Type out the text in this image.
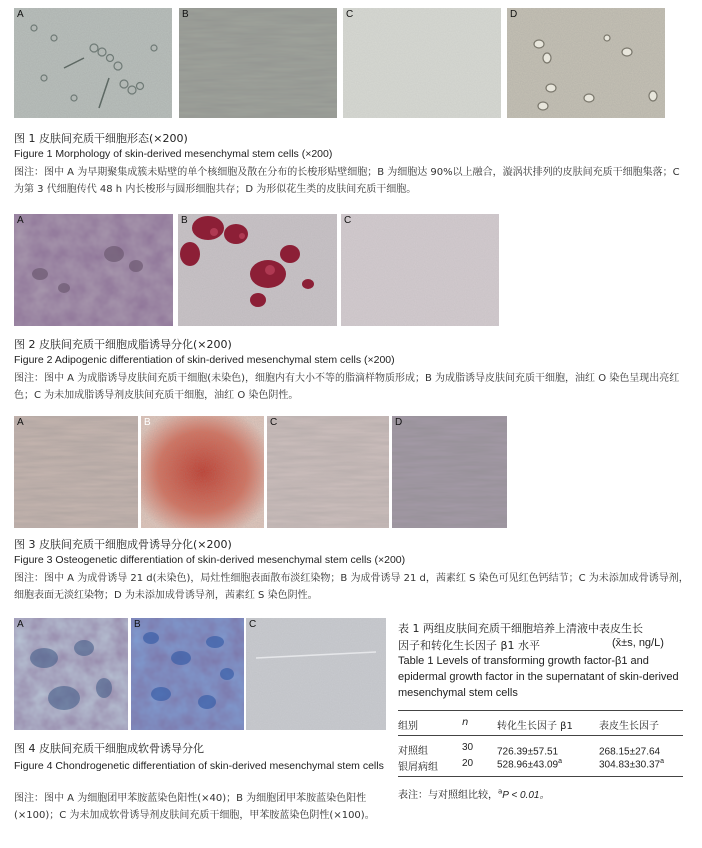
A	B	C	D
图 1 皮肤间充质干细胞形态(×200)
Figure 1 Morphology of skin-derived mesenchymal stem cells (×200)
图注：图中 A 为早期聚集成簇未贴壁的单个核细胞及散在分布的长梭形贴壁细胞；B 为细胞达 90%以上融合，漩涡状排列的皮肤间充质干细胞集落；C 为第 3 代细胞传代 48 h 内长梭形与圆形细胞共存；D 为形似花生类的皮肤间充质干细胞。
A	B	C
图 2 皮肤间充质干细胞成脂诱导分化(×200)
Figure 2 Adipogenic differentiation of skin-derived mesenchymal stem cells (×200)
图注：图中 A 为成脂诱导皮肤间充质干细胞(未染色)，细胞内有大小不等的脂滴样物质形成；B 为成脂诱导皮肤间充质干细胞，油红 O 染色呈现出亮红色；C 为未加成脂诱导剂皮肤间充质干细胞，油红 O 染色阴性。
A	B	C	D
图 3 皮肤间充质干细胞成骨诱导分化(×200)
Figure 3 Osteogenetic differentiation of skin-derived mesenchymal stem cells (×200)
图注：图中 A 为成骨诱导 21 d(未染色)，局灶性细胞表面散布淡红染物；B 为成骨诱导 21 d，茜素红 S 染色可见红色钙结节；C 为未添加成骨诱导剂，细胞表面无淡红染物；D 为未添加成骨诱导剂，茜素红 S 染色阴性。
A	B	C
图 4 皮肤间充质干细胞成软骨诱导分化
Figure 4 Chondrogenetic differentiation of skin-derived mesenchymal stem cells
图注：图中 A 为细胞团甲苯胺蓝染色阳性(×40)；B 为细胞团甲苯胺蓝染色阳性(×100)；C 为未加成软骨诱导剂皮肤间充质干细胞，甲苯胺蓝染色阴性(×100)。
表 1 两组皮肤间充质干细胞培养上清液中表皮生长
因子和转化生长因子 β1 水平	(x̄±s, ng/L)
Table 1 Levels of transforming growth factor-β1 and epidermal growth factor in the supernatant of skin-derived mesenchymal stem cells
组别	n	转化生长因子 β1	表皮生长因子
对照组	30 726.39±57.51	268.15±27.64
银屑病组 20 528.96±43.09$^a$	304.83±30.37$^a$
表注：与对照组比较，$^a$P < 0.01。
